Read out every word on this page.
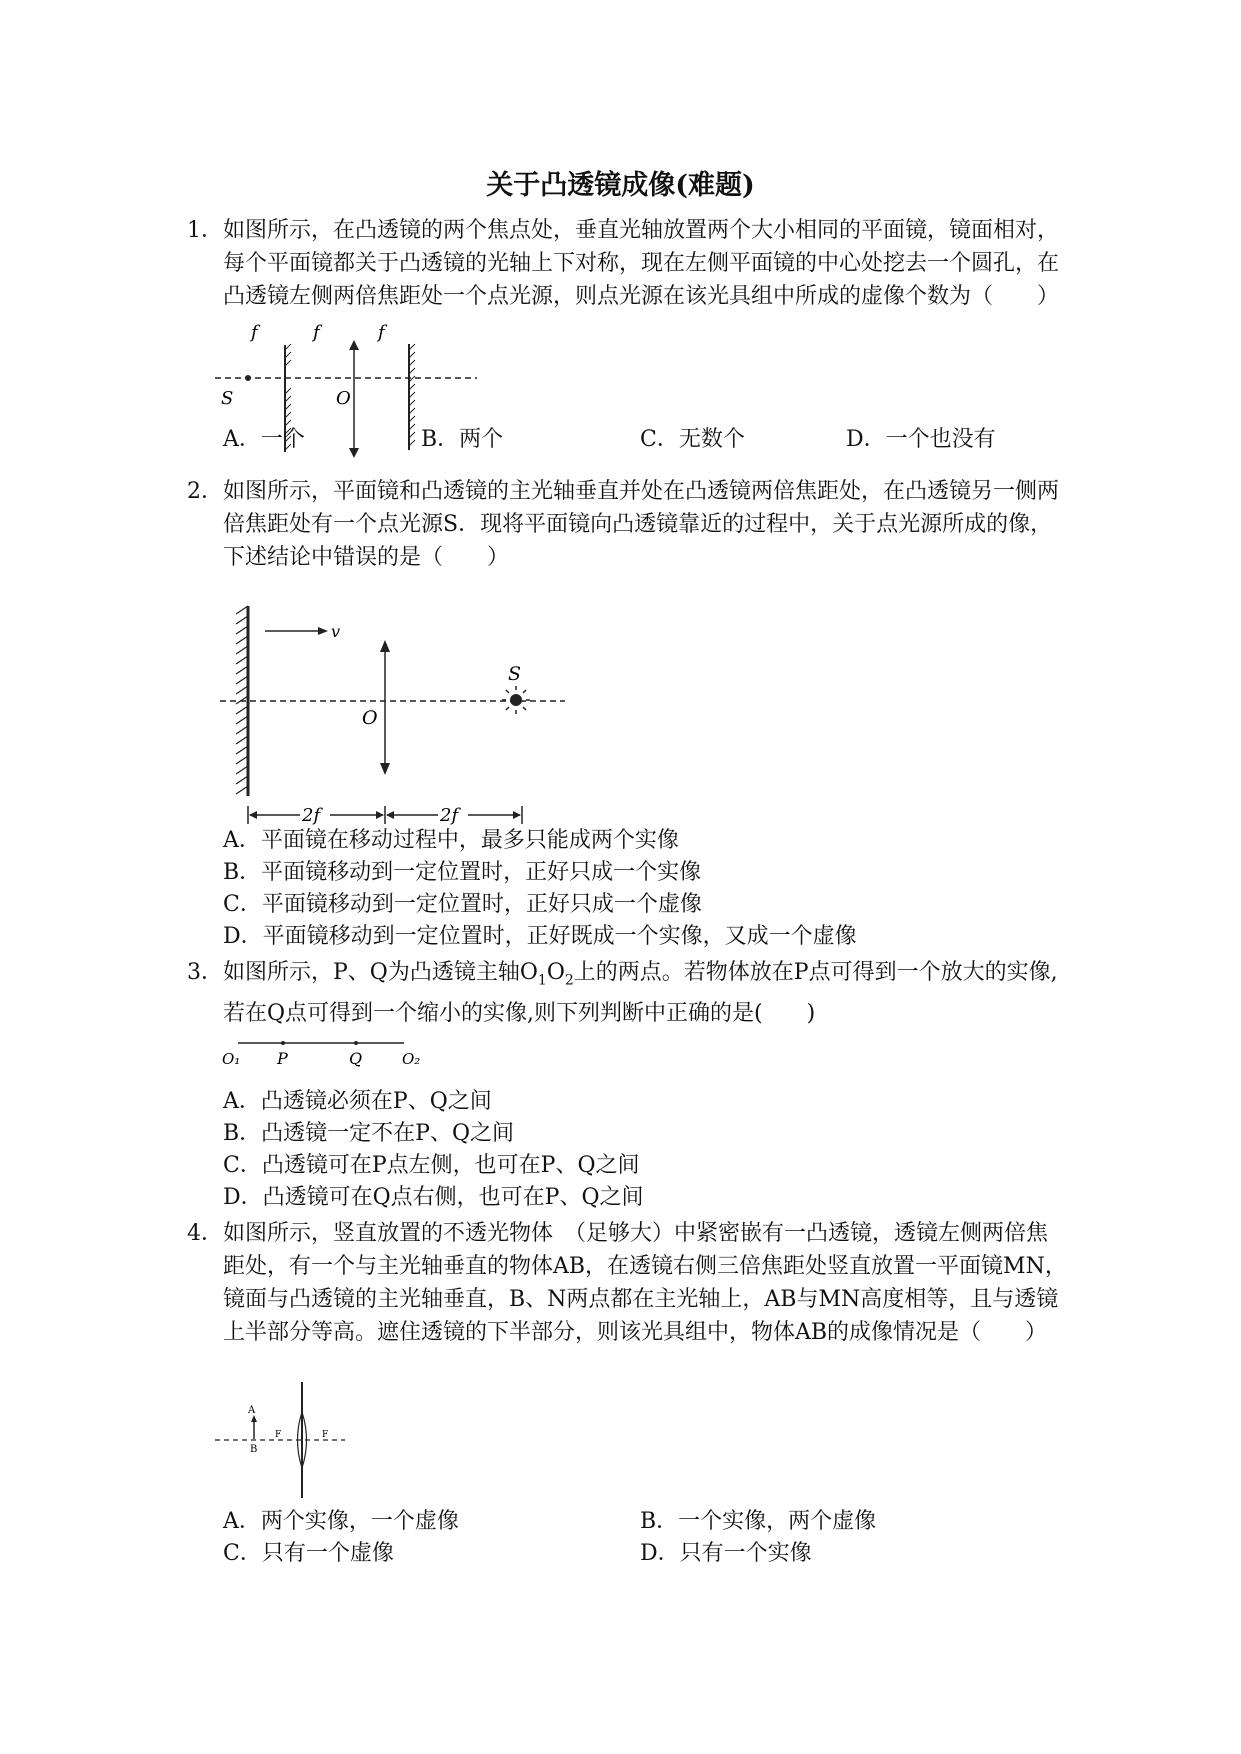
关于凸透镜成像(难题)
1． 如图所示，在凸透镜的两个焦点处，垂直光轴放置两个大小相同的平面镜，镜面相对，每个平面镜都关于凸透镜的光轴上下对称，现在左侧平面镜的中心处挖去一个圆孔，在凸透镜左侧两倍焦距处一个点光源，则点光源在该光具组中所成的虚像个数为（　　）
f	f	f
S	O
A．一个	B．两个	C．无数个	D．一个也没有
2． 如图所示，平面镜和凸透镜的主光轴垂直并处在凸透镜两倍焦距处，在凸透镜另一侧两倍焦距处有一个点光源S．现将平面镜向凸透镜靠近的过程中，关于点光源所成的像，下述结论中错误的是（　　）
v
O
S
2f	2f
A．平面镜在移动过程中，最多只能成两个实像
B．平面镜移动到一定位置时，正好只成一个实像
C．平面镜移动到一定位置时，正好只成一个虚像
D．平面镜移动到一定位置时，正好既成一个实像，又成一个虚像
3． 如图所示，P、Q为凸透镜主轴$O_1O_2$上的两点。若物体放在P点可得到一个放大的实像,若在Q点可得到一个缩小的实像,则下列判断中正确的是(　　)
O₁ P	Q	O₂
A．凸透镜必须在P、Q之间
B．凸透镜一定不在P、Q之间
C．凸透镜可在P点左侧，也可在P、Q之间
D．凸透镜可在Q点右侧，也可在P、Q之间
4． 如图所示，竖直放置的不透光物体　（足够大）中紧密嵌有一凸透镜，透镜左侧两倍焦距处，有一个与主光轴垂直的物体AB，在透镜右侧三倍焦距处竖直放置一平面镜MN，镜面与凸透镜的主光轴垂直，B、N两点都在主光轴上，AB与MN高度相等，且与透镜上半部分等高。遮住透镜的下半部分，则该光具组中，物体AB的成像情况是（　　）
A
B
F	F
A．两个实像，一个虚像	B．一个实像，两个虚像
C．只有一个虚像	D．只有一个实像
